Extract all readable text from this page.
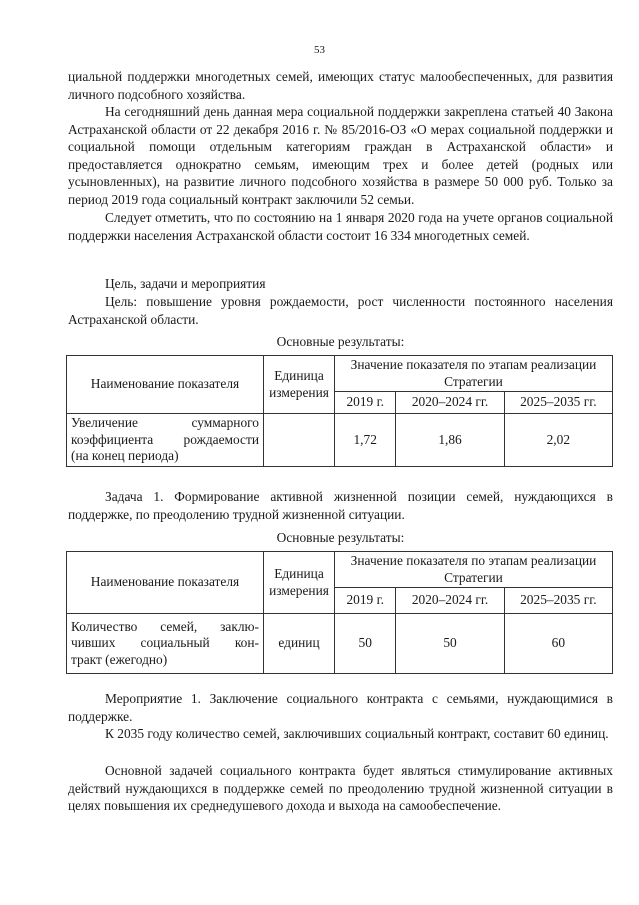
53

циальной поддержки многодетных семей, имеющих статус малообеспеченных, для развития личного подсобного хозяйства.

На сегодняшний день данная мера социальной поддержки закреплена статьей 40 Закона Астраханской области от 22 декабря 2016 г. № 85/2016-ОЗ «О мерах социальной поддержки и социальной помощи отдельным категориям граждан в Астраханской области» и предоставляется однократно семьям, имеющим трех и более детей (родных или усыновленных), на развитие личного подсобного хозяйства в размере 50 000 руб. Только за период 2019 года социальный контракт заключили 52 семьи.

Следует отметить, что по состоянию на 1 января 2020 года на учете органов социальной поддержки населения Астраханской области состоит 16 334 многодетных семей.

Цель, задачи и мероприятия

Цель: повышение уровня рождаемости, рост численности постоянного населения Астраханской области.

Основные результаты:
Наименование показателя	Единица измерения	Значение показателя по этапам реализации Стратегии		
		2019 г.	2020–2024 гг.	2025–2035 гг.

Увеличение суммарного
коэффициента рождаемости
(на конец периода)		1,72	1,86	2,02

Задача 1. Формирование активной жизненной позиции семей, нуждающихся в поддержке, по преодолению трудной жизненной ситуации.

Основные результаты:
Наименование показателя	Единица измерения	Значение показателя по этапам реализации Стратегии		
		2019 г.	2020–2024 гг.	2025–2035 гг.

Количество семей, заклю-
чивших социальный кон-
тракт (ежегодно)	единиц	50	50	60

Мероприятие 1. Заключение социального контракта с семьями, нуждающимися в поддержке.

К 2035 году количество семей, заключивших социальный контракт, составит 60 единиц.

Основной задачей социального контракта будет являться стимулирование активных действий нуждающихся в поддержке семей по преодолению трудной жизненной ситуации в целях повышения их среднедушевого дохода и выхода на самообеспечение.
